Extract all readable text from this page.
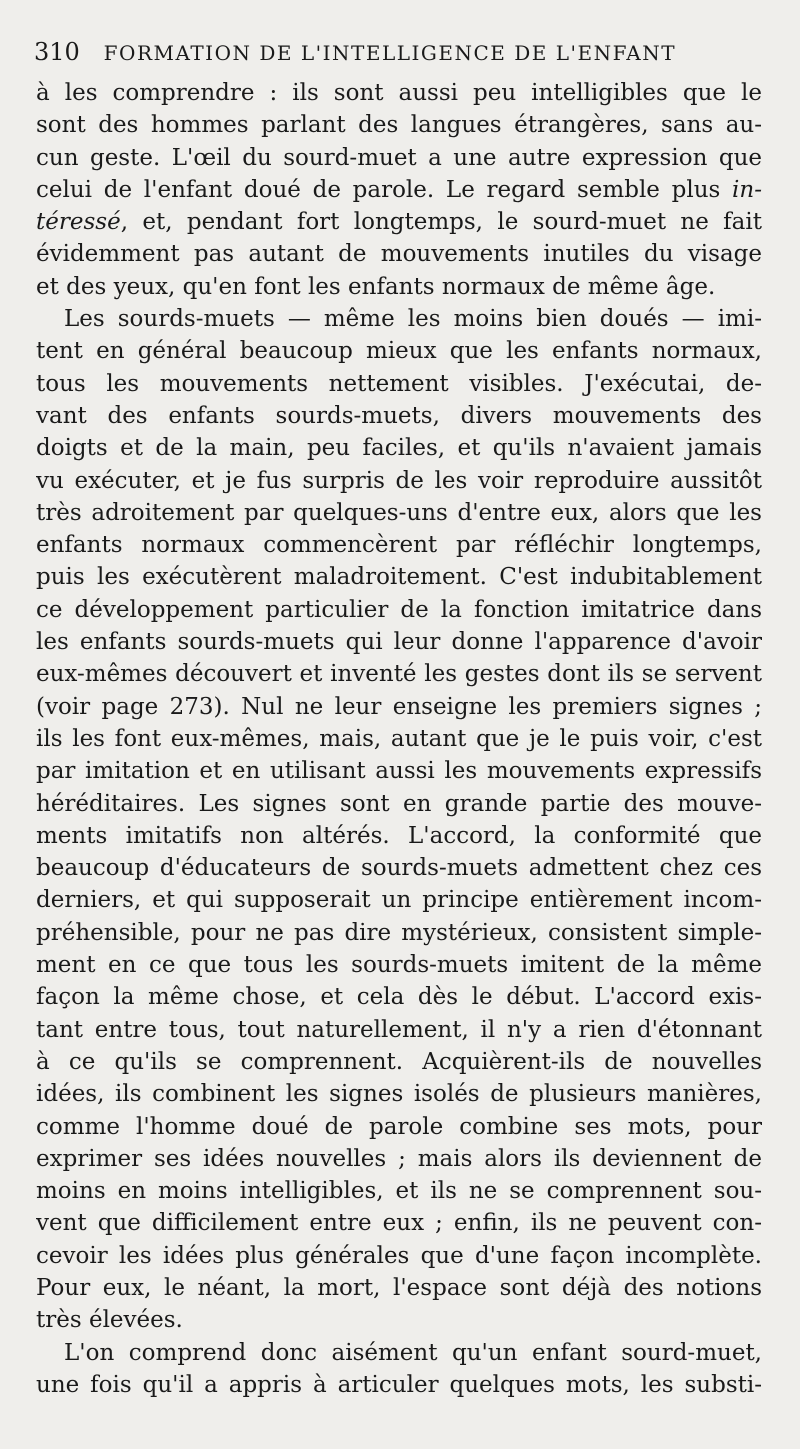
310 FORMATION DE L'INTELLIGENCE DE L'ENFANT
à les comprendre : ils sont aussi peu intelligibles que le
sont des hommes parlant des langues étrangères, sans au-
cun geste. L'œil du sourd-muet a une autre expression que
celui de l'enfant doué de parole. Le regard semble plus in-
téressé, et, pendant fort longtemps, le sourd-muet ne fait
évidemment pas autant de mouvements inutiles du visage
et des yeux, qu'en font les enfants normaux de même âge.
Les sourds-muets — même les moins bien doués — imi-
tent en général beaucoup mieux que les enfants normaux,
tous les mouvements nettement visibles. J'exécutai, de-
vant des enfants sourds-muets, divers mouvements des
doigts et de la main, peu faciles, et qu'ils n'avaient jamais
vu exécuter, et je fus surpris de les voir reproduire aussitôt
très adroitement par quelques-uns d'entre eux, alors que les
enfants normaux commencèrent par réfléchir longtemps,
puis les exécutèrent maladroitement. C'est indubitablement
ce développement particulier de la fonction imitatrice dans
les enfants sourds-muets qui leur donne l'apparence d'avoir
eux-mêmes découvert et inventé les gestes dont ils se servent
(voir page 273). Nul ne leur enseigne les premiers signes ;
ils les font eux-mêmes, mais, autant que je le puis voir, c'est
par imitation et en utilisant aussi les mouvements expressifs
héréditaires. Les signes sont en grande partie des mouve-
ments imitatifs non altérés. L'accord, la conformité que
beaucoup d'éducateurs de sourds-muets admettent chez ces
derniers, et qui supposerait un principe entièrement incom-
préhensible, pour ne pas dire mystérieux, consistent simple-
ment en ce que tous les sourds-muets imitent de la même
façon la même chose, et cela dès le début. L'accord exis-
tant entre tous, tout naturellement, il n'y a rien d'étonnant
à ce qu'ils se comprennent. Acquièrent-ils de nouvelles
idées, ils combinent les signes isolés de plusieurs manières,
comme l'homme doué de parole combine ses mots, pour
exprimer ses idées nouvelles ; mais alors ils deviennent de
moins en moins intelligibles, et ils ne se comprennent sou-
vent que difficilement entre eux ; enfin, ils ne peuvent con-
cevoir les idées plus générales que d'une façon incomplète.
Pour eux, le néant, la mort, l'espace sont déjà des notions
très élevées.
L'on comprend donc aisément qu'un enfant sourd-muet,
une fois qu'il a appris à articuler quelques mots, les substi-
